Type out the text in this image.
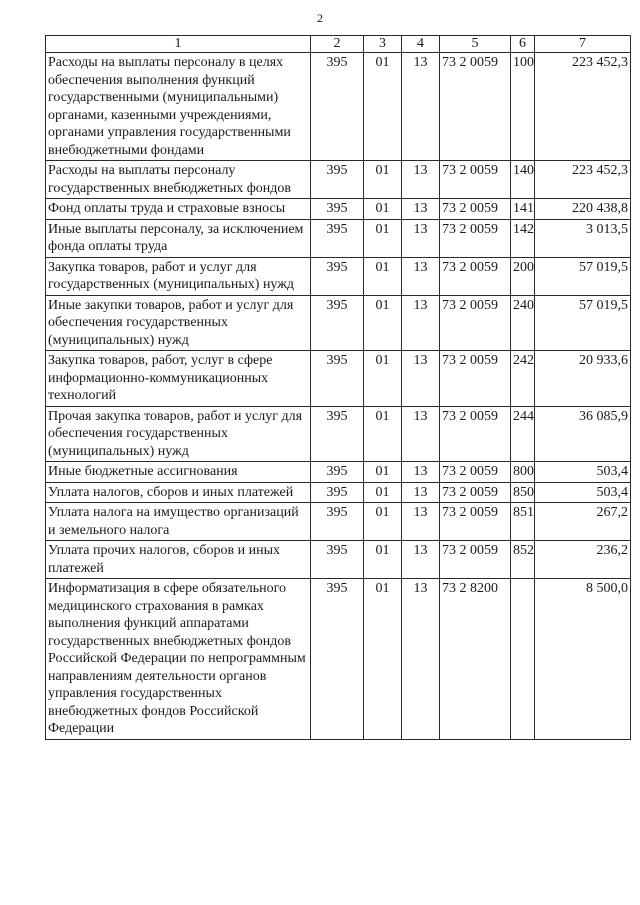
2
1	2	3	4	5	6	7
Расходы на выплаты персоналу в целях обеспечения выполнения функций государственными (муниципальными) органами, казенными учреждениями, органами управления государственными внебюджетными фондами	395	01	13	73 2 0059	100	223 452,3
Расходы на выплаты персоналу государственных внебюджетных фондов	395	01	13	73 2 0059	140	223 452,3
Фонд оплаты труда и страховые взносы	395	01	13	73 2 0059	141	220 438,8
Иные выплаты персоналу, за исключением фонда оплаты труда	395	01	13	73 2 0059	142	3 013,5
Закупка товаров, работ и услуг для государственных (муниципальных) нужд	395	01	13	73 2 0059	200	57 019,5
Иные закупки товаров, работ и услуг для обеспечения государственных (муниципальных) нужд	395	01	13	73 2 0059	240	57 019,5
Закупка товаров, работ, услуг в сфере информационно-коммуникационных технологий	395	01	13	73 2 0059	242	20 933,6
Прочая закупка товаров, работ и услуг для обеспечения государственных (муниципальных) нужд	395	01	13	73 2 0059	244	36 085,9
Иные бюджетные ассигнования	395	01	13	73 2 0059	800	503,4
Уплата налогов, сборов и иных платежей	395	01	13	73 2 0059	850	503,4
Уплата налога на имущество организаций и земельного налога	395	01	13	73 2 0059	851	267,2
Уплата прочих налогов, сборов и иных платежей	395	01	13	73 2 0059	852	236,2
Информатизация в сфере обязательного медицинского страхования в рамках выполнения функций аппаратами государственных внебюджетных фондов Российской Федерации по непрограммным направлениям деятельности органов управления государственных внебюджетных фондов Российской Федерации	395	01	13	73 2 8200		8 500,0
